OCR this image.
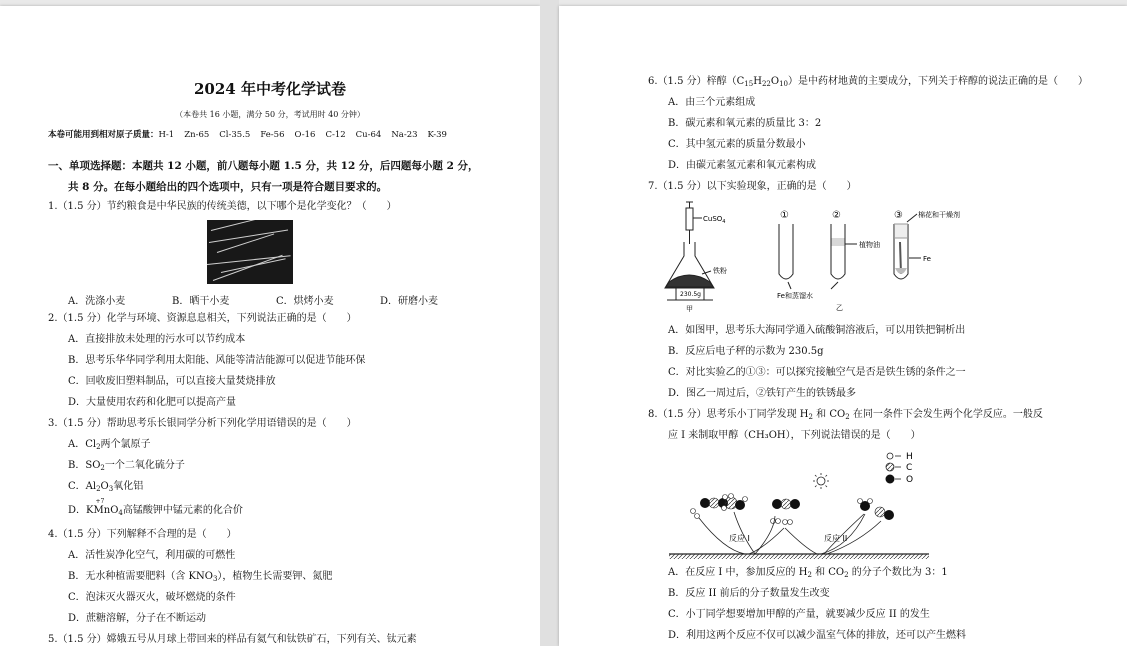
2024 年中考化学试卷
（本卷共 16 小题，满分 50 分，考试用时 40 分钟）
本卷可能用到相对原子质量：H-1 Zn-65 Cl-35.5 Fe-56 O-16 C-12 Cu-64 Na-23 K-39
一、单项选择题：本题共 12 小题，前八题每小题 1.5 分，共 12 分，后四题每小题 2 分，
共 8 分。在每小题给出的四个选项中，只有一项是符合题目要求的。
1.（1.5 分）节约粮食是中华民族的传统美德，以下哪个是化学变化？（　　）
A．洗涤小麦	B．晒干小麦	C．烘烤小麦	D．研磨小麦
2.（1.5 分）化学与环境、资源息息相关，下列说法正确的是（　　）
A．直接排放未处理的污水可以节约成本
B．思考乐华华同学利用太阳能、风能等清洁能源可以促进节能环保
C．回收废旧塑料制品，可以直接大量焚烧排放
D．大量使用农药和化肥可以提高产量
3.（1.5 分）帮助思考乐长银同学分析下列化学用语错误的是（　　）
A．$Cl_2$两个氯原子
B．$SO_2$一个二氧化硫分子
C．$Al_2O_3$氧化铝
D．K
+7
MnO$_4$高锰酸钾中锰元素的化合价
4.（1.5 分）下列解释不合理的是（　　）
A．活性炭净化空气，利用碳的可燃性
B．无水种植需要肥料（含 $KNO_3$），植物生长需要钾、氮肥
C．泡沫灭火器灭火，破坏燃烧的条件
D．蔗糖溶解，分子在不断运动
5.（1.5 分）嫦娥五号从月球上带回来的样品有氦气和钛铁矿石，下列有关、钛元素
6.（1.5 分）梓醇$(C_{15}H_{22}O_{10})$是中药材地黄的主要成分，下列关于梓醇的说法正确的是（　　）
A．由三个元素组成
B．碳元素和氧元素的质量比 3：2
C．其中氢元素的质量分数最小
D．由碳元素氢元素和氧元素构成
7.（1.5 分）以下实验现象，正确的是（　　）
CuSO$_4$
铁粉
230.5g
甲
①	②	③ 棉花和干燥剂
植物油
Fe
Fe和蒸馏水
乙
A．如图甲，思考乐大海同学通入硫酸铜溶液后，可以用铁把铜析出
B．反应后电子秤的示数为 230.5g
C．对比实验乙的①③：可以探究接触空气是否是铁生锈的条件之一
D．图乙一周过后，②铁钉产生的铁锈最多
8.（1.5 分）思考乐小丁同学发现 $H_2$ 和 $CO_2$ 在同一条件下会发生两个化学反应。一般反
应 I 来制取甲醇（CH₃OH），下列说法错误的是（　　）
H
C
O
反应 I	反应 II
A．在反应 I 中，参加反应的 $H_2$ 和 $CO_2$ 的分子个数比为 3：1
B．反应 II 前后的分子数量发生改变
C．小丁同学想要增加甲醇的产量，就要减少反应 II 的发生
D．利用这两个反应不仅可以减少温室气体的排放，还可以产生燃料
